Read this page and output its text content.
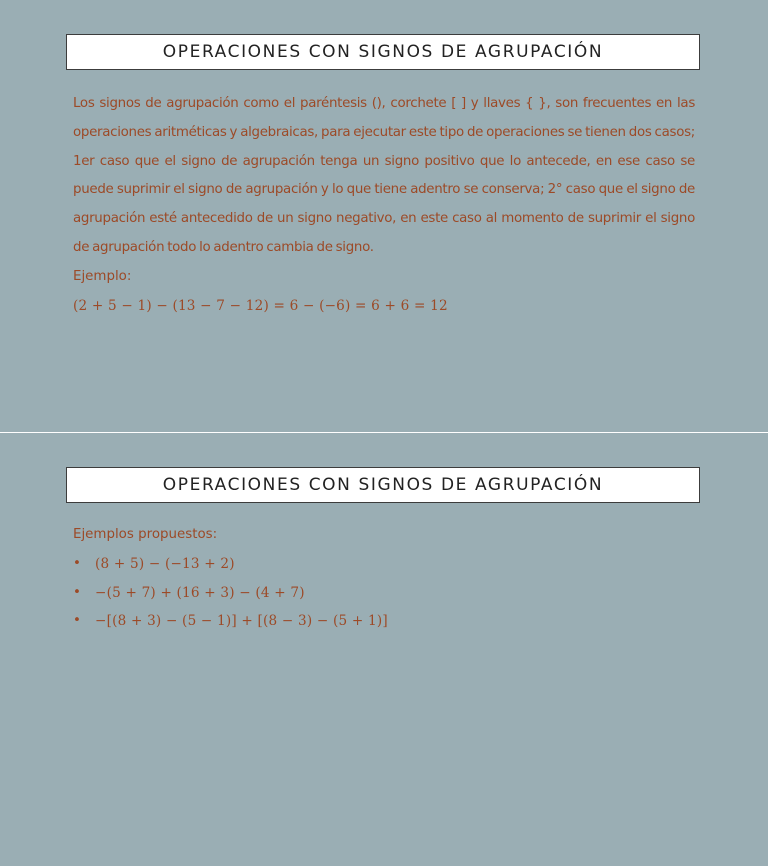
OPERACIONES CON SIGNOS DE AGRUPACIÓN

Los signos de agrupación como el paréntesis (), corchete [ ] y llaves { }, son frecuentes en las operaciones aritméticas y algebraicas, para ejecutar este tipo de operaciones se tienen dos casos; 1er caso que el signo de agrupación tenga un signo positivo que lo antecede, en ese caso se puede suprimir el signo de agrupación y lo que tiene adentro se conserva; 2° caso que el signo de agrupación esté antecedido de un signo negativo, en este caso al momento de suprimir el signo de agrupación todo lo adentro cambia de signo.

Ejemplo:
(2 + 5 − 1) − (13 − 7 − 12) = 6 − (−6) = 6 + 6 = 12
OPERACIONES CON SIGNOS DE AGRUPACIÓN
Ejemplos propuestos:
•	(8 + 5) − (−13 + 2)
•	−(5 + 7) + (16 + 3) − (4 + 7)
•	−[(8 + 3) − (5 − 1)] + [(8 − 3) − (5 + 1)]
